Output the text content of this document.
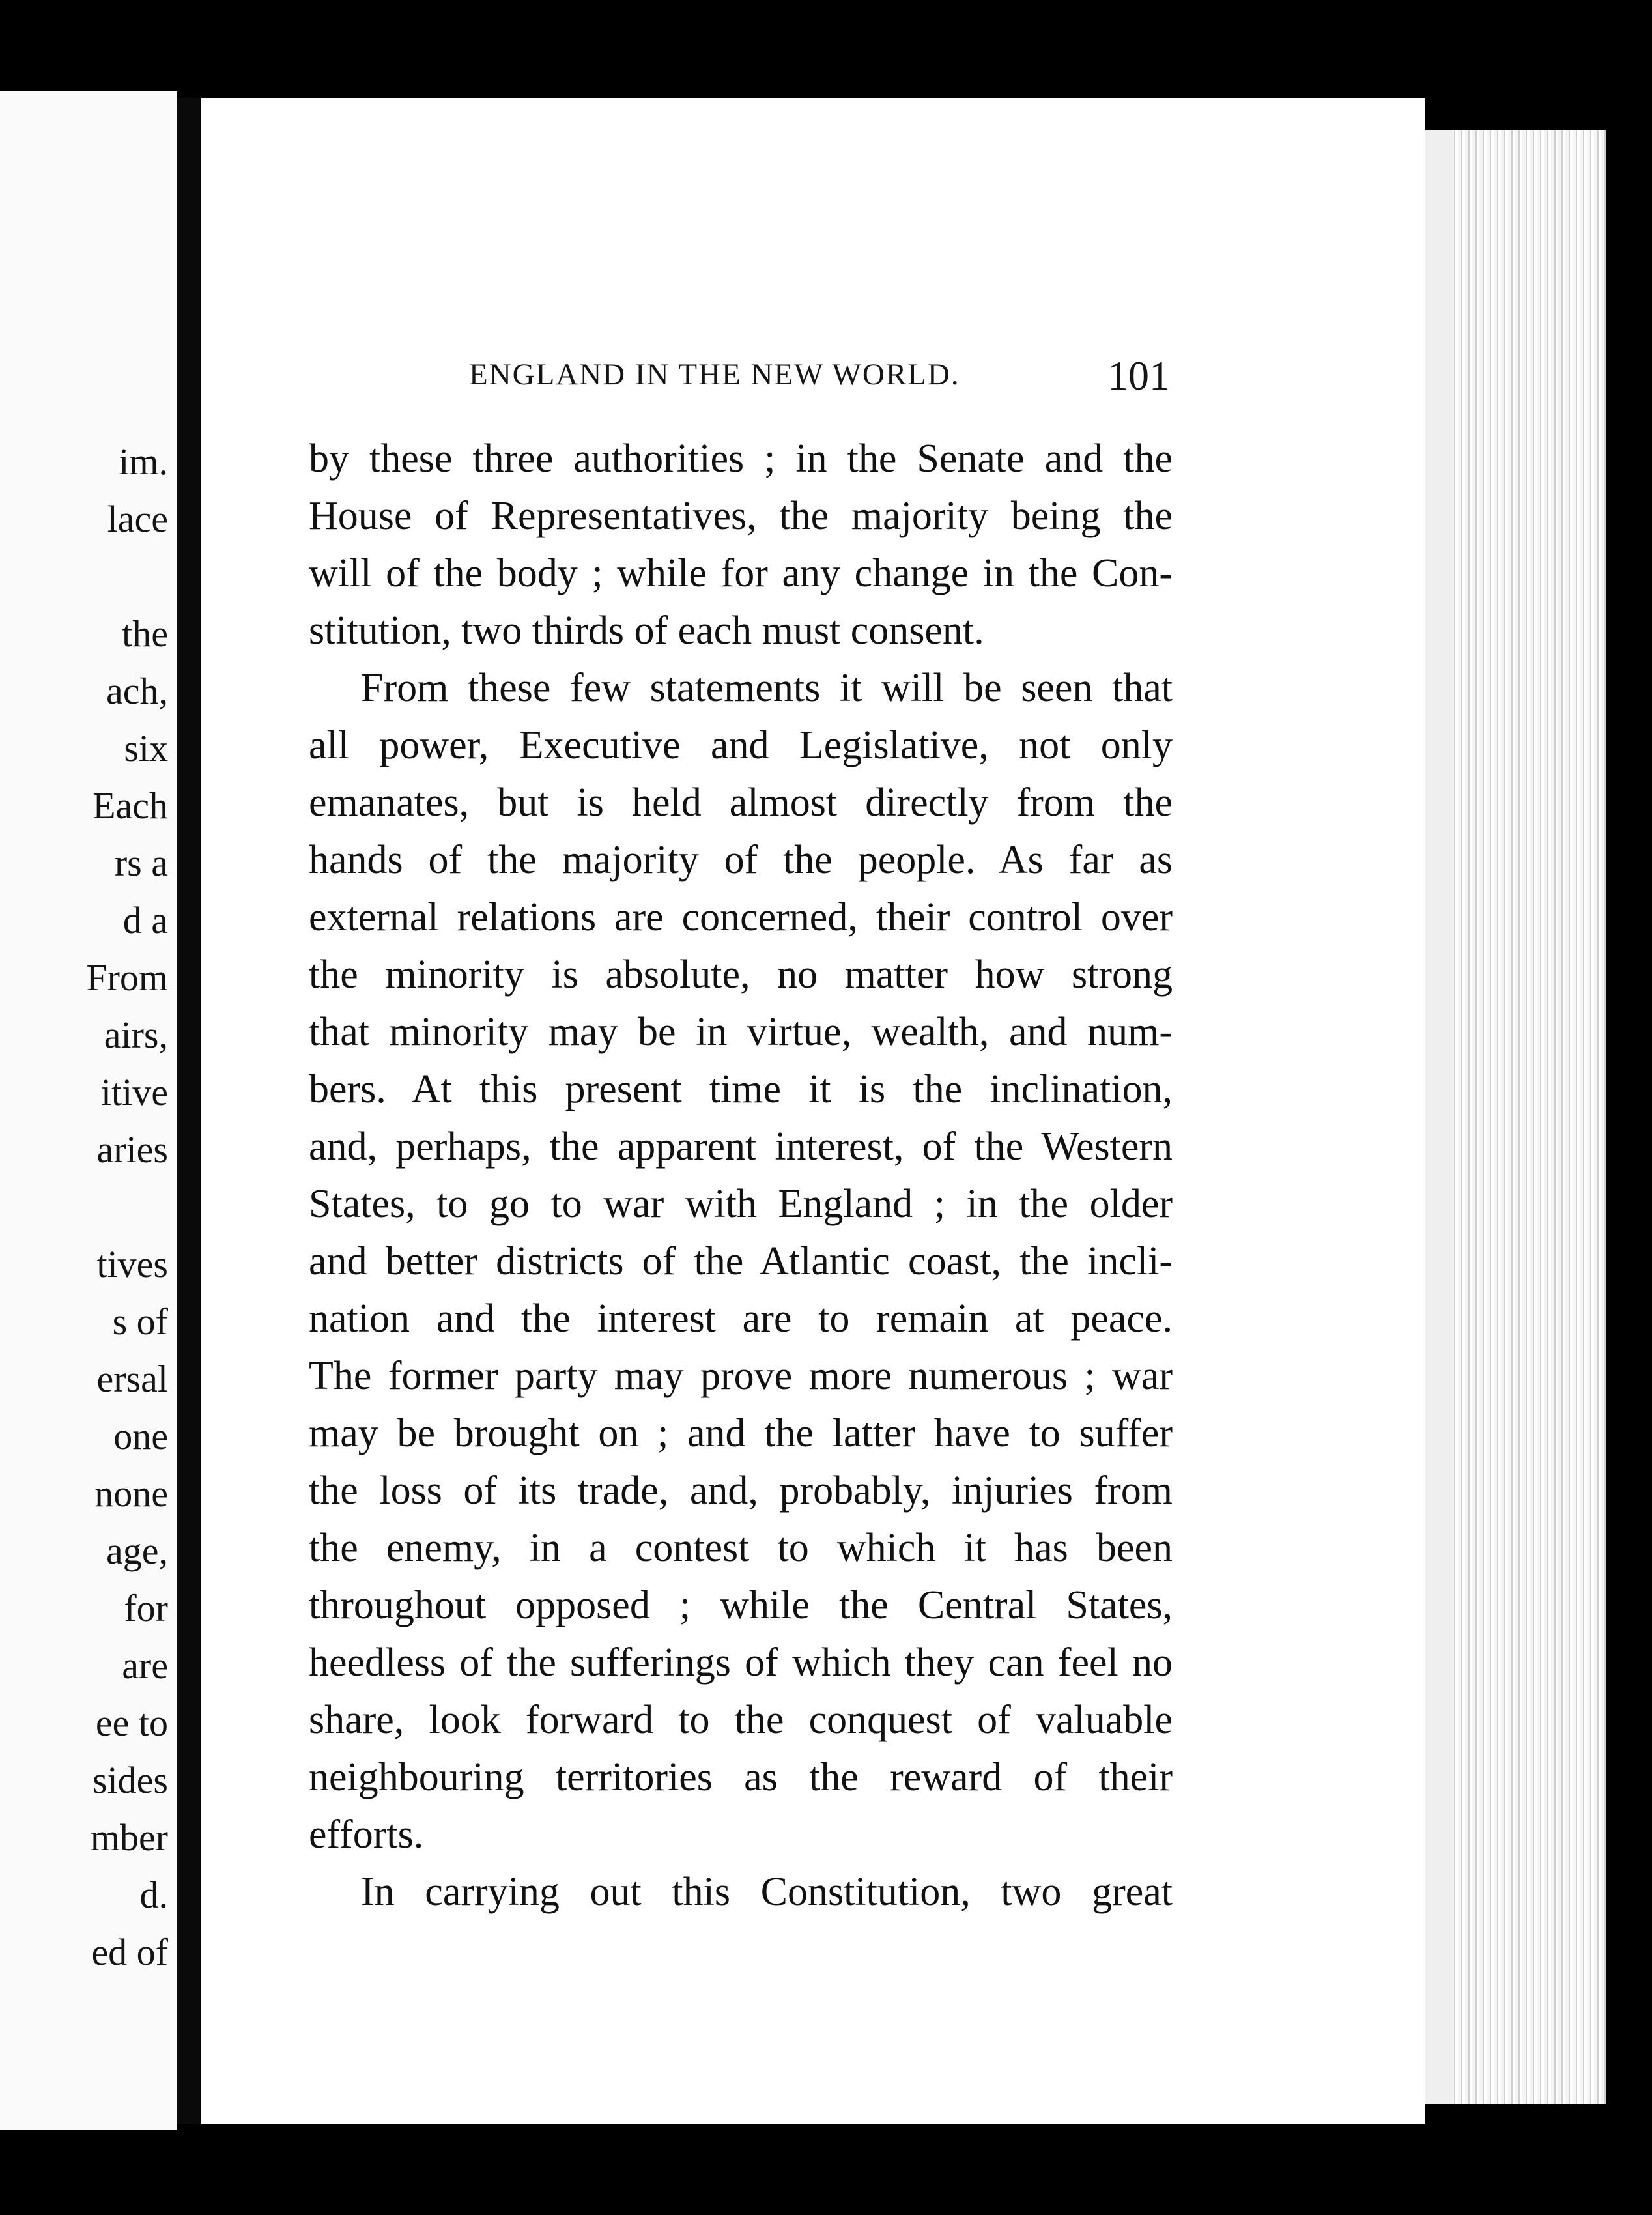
im.
lace
the
ach,
six
Each
rs a
d a
From
airs,
itive
aries
tives
s of
ersal
one
none
age,
for
are
ee to
sides
mber
d.
ed of
ENGLAND IN THE NEW WORLD.	101
by these three authorities ; in the Senate and the
House of Representatives, the majority being the
will of the body ; while for any change in the Con-
stitution, two thirds of each must consent.
From these few statements it will be seen that
all power, Executive and Legislative, not only
emanates, but is held almost directly from the
hands of the majority of the people. As far as
external relations are concerned, their control over
the minority is absolute, no matter how strong
that minority may be in virtue, wealth, and num-
bers. At this present time it is the inclination,
and, perhaps, the apparent interest, of the Western
States, to go to war with England ; in the older
and better districts of the Atlantic coast, the incli-
nation and the interest are to remain at peace.
The former party may prove more numerous ; war
may be brought on ; and the latter have to suffer
the loss of its trade, and, probably, injuries from
the enemy, in a contest to which it has been
throughout opposed ; while the Central States,
heedless of the sufferings of which they can feel no
share, look forward to the conquest of valuable
neighbouring territories as the reward of their
efforts.
In carrying out this Constitution, two great
